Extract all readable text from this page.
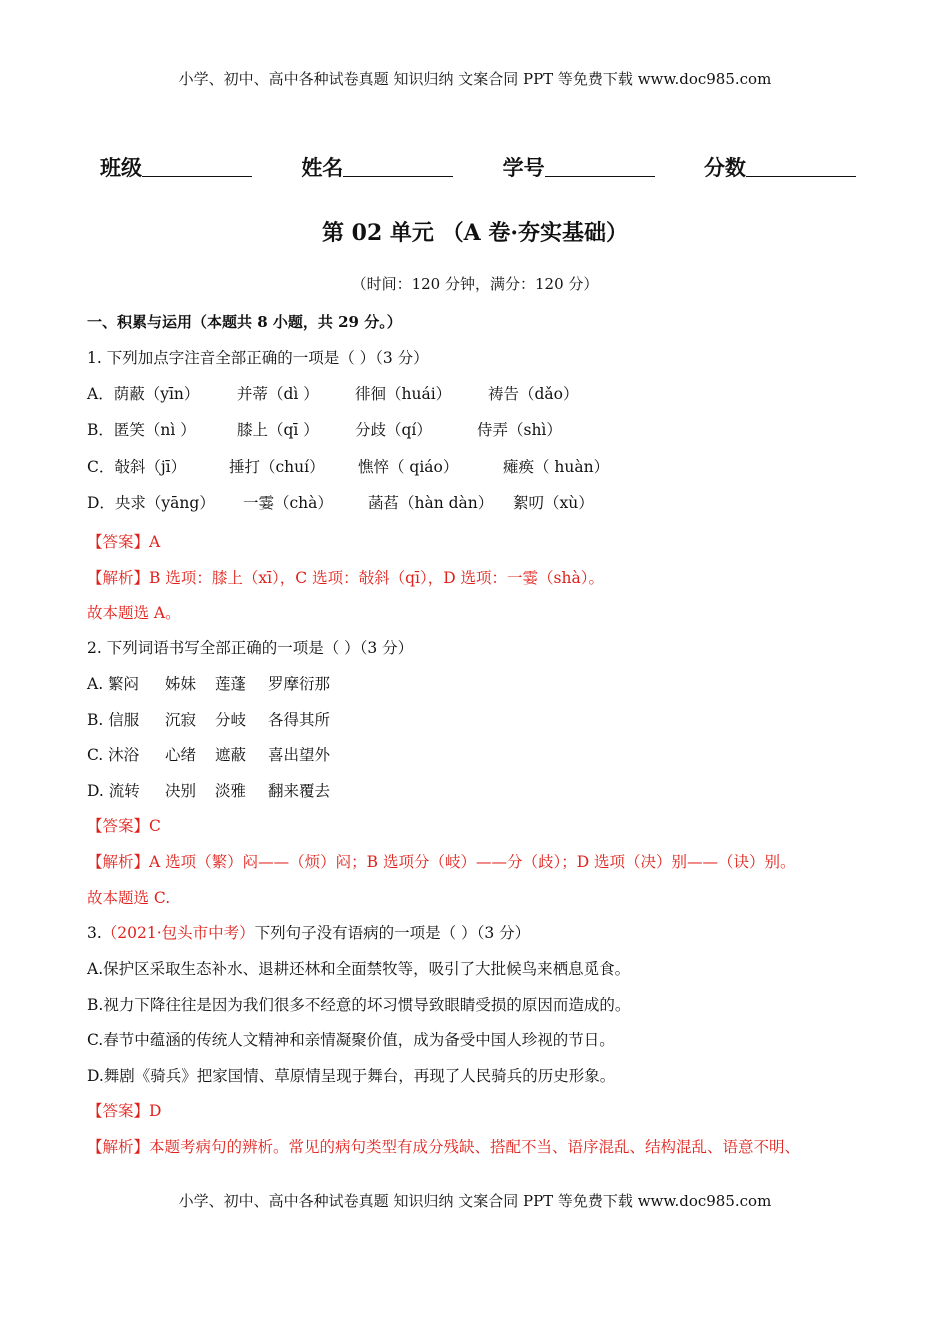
小学、初中、高中各种试卷真题 知识归纳 文案合同 PPT 等免费下载 www.doc985.com
班级	姓名	学号	分数
第 02 单元 （A 卷·夯实基础）
（时间：120 分钟，满分：120 分）
一、积累与运用（本题共 8 小题，共 29 分。）
1. 下列加点字注音全部正确的一项是（ ）（3 分）
A．荫蔽（yīn） 并蒂（dì ） 徘徊（huái） 祷告（dǎo）
B．匿笑（nì ）	膝上（qī ） 分歧（qí）	侍弄（shì）
C．敧斜（jī）	捶打（chuí） 憔悴（ qiáo）	瘫痪（ huàn）
D．央求（yāng） 一霎（chà） 菡萏（hàn dàn） 絮叨（xù）
【答案】A
【解析】B 选项：膝上（xī），C 选项：敧斜（qī），D 选项：一霎（shà）。
故本题选 A。
2. 下列词语书写全部正确的一项是（ ）（3 分）
A. 繁闷 姊妹 莲蓬 罗摩衍那
B. 信服 沉寂 分岐 各得其所
C. 沐浴 心绪 遮蔽 喜出望外
D. 流转 决别 淡雅 翻来覆去
【答案】C
【解析】A 选项（繁）闷——（烦）闷；B 选项分（岐）——分（歧）；D 选项（决）别——（诀）别。
故本题选 C.
3.（2021·包头市中考）下列句子没有语病的一项是（ ）（3 分）
A.保护区采取生态补水、退耕还林和全面禁牧等，吸引了大批候鸟来栖息觅食。
B.视力下降往往是因为我们很多不经意的坏习惯导致眼睛受损的原因而造成的。
C.春节中蕴涵的传统人文精神和亲情凝聚价值，成为备受中国人珍视的节日。
D.舞剧《骑兵》把家国情、草原情呈现于舞台，再现了人民骑兵的历史形象。
【答案】D
【解析】本题考病句的辨析。常见的病句类型有成分残缺、搭配不当、语序混乱、结构混乱、语意不明、
小学、初中、高中各种试卷真题 知识归纳 文案合同 PPT 等免费下载 www.doc985.com
